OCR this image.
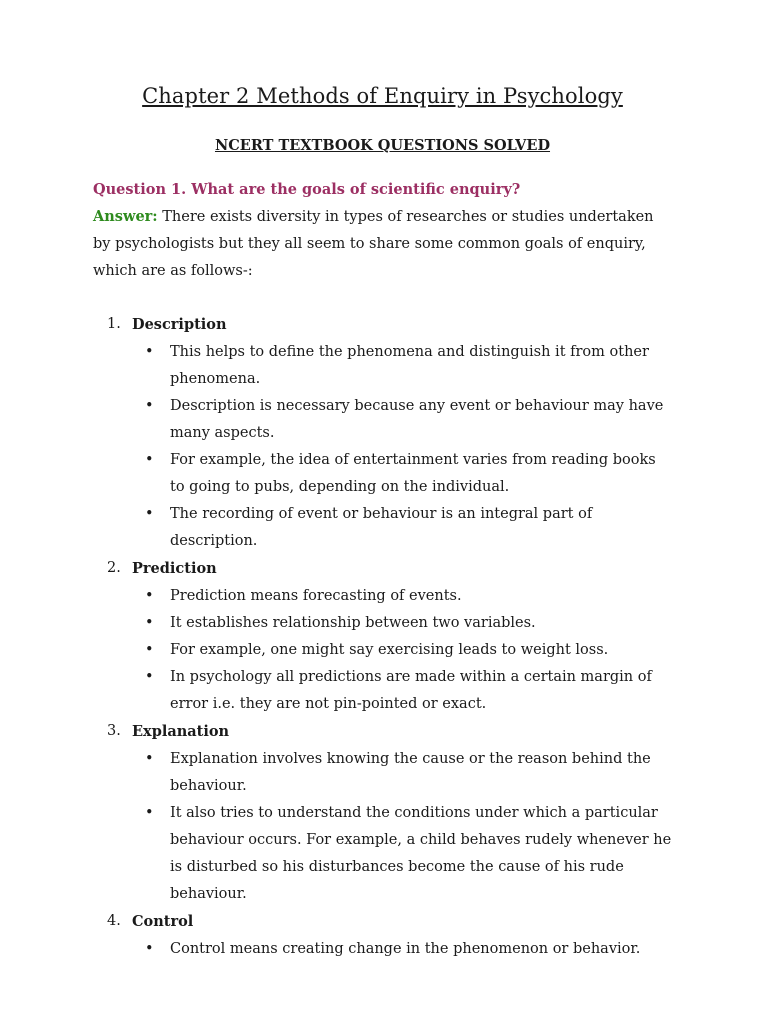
Chapter 2 Methods of Enquiry in Psychology
NCERT TEXTBOOK QUESTIONS SOLVED
Question 1. What are the goals of scientific enquiry?
Answer: There exists diversity in types of researches or studies undertaken by psychologists but they all seem to share some common goals of enquiry, which are as follows-:
1. Description
• This helps to define the phenomena and distinguish it from other phenomena.
• Description is necessary because any event or behaviour may have many aspects.
• For example, the idea of entertainment varies from reading books to going to pubs, depending on the individual.
• The recording of event or behaviour is an integral part of description.
2. Prediction
• Prediction means forecasting of events.
• It establishes relationship between two variables.
• For example, one might say exercising leads to weight loss.
• In psychology all predictions are made within a certain margin of error i.e. they are not pin-pointed or exact.
3. Explanation
• Explanation involves knowing the cause or the reason behind the behaviour.
• It also tries to understand the conditions under which a particular behaviour occurs. For example, a child behaves rudely whenever he is disturbed so his disturbances become the cause of his rude behaviour.
4. Control
• Control means creating change in the phenomenon or behavior.
